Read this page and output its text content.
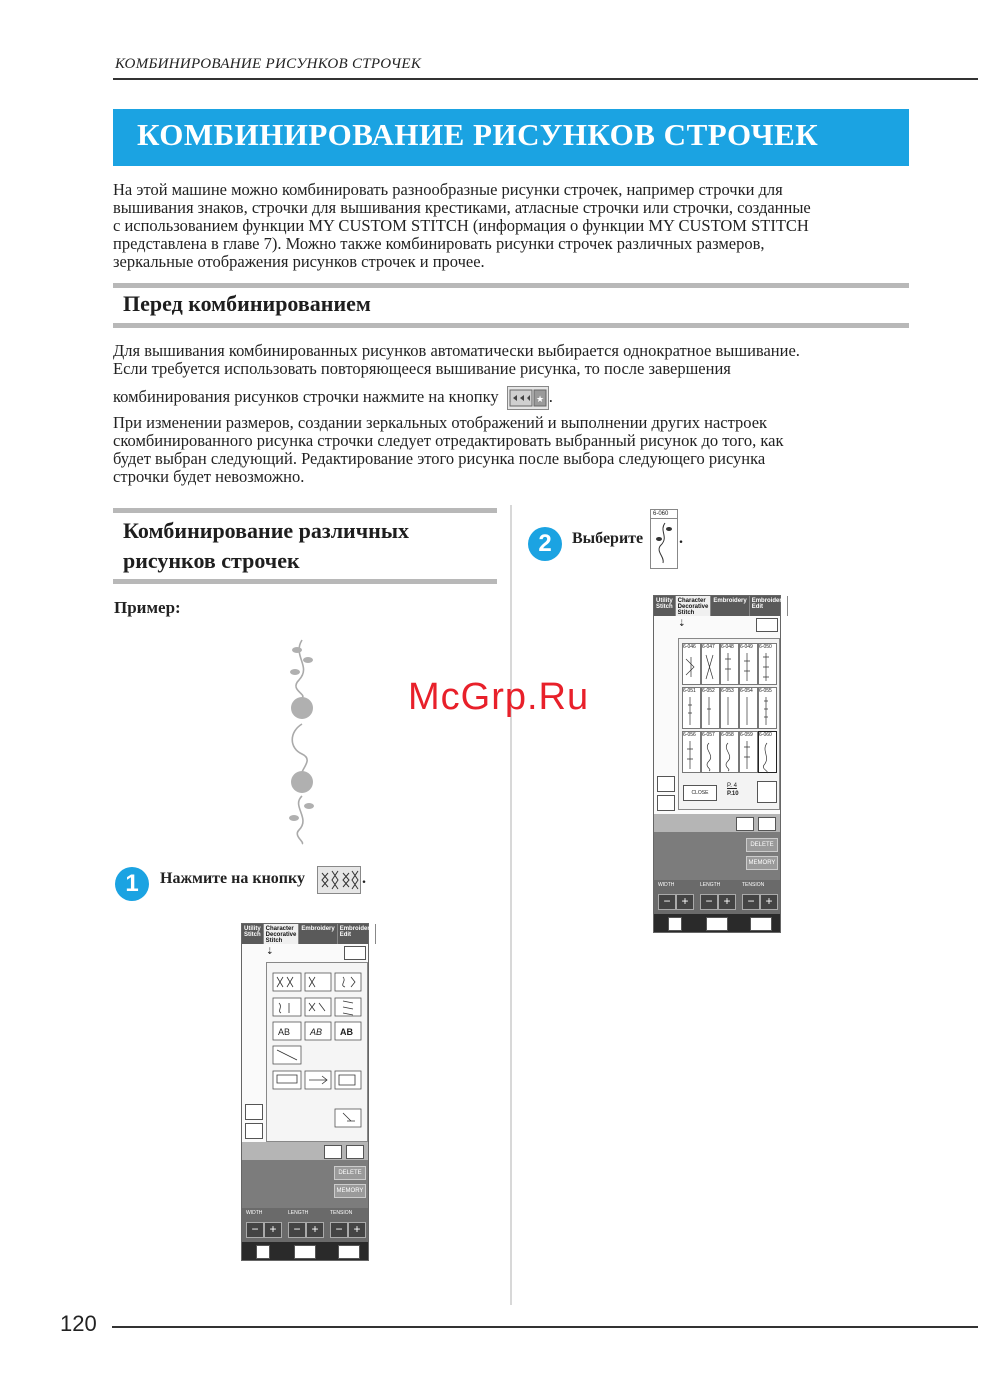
КОМБИНИРОВАНИЕ РИСУНКОВ СТРОЧЕК
КОМБИНИРОВАНИЕ РИСУНКОВ СТРОЧЕК
На этой машине можно комбинировать разнообразные рисунки строчек, например строчки для
вышивания знаков, строчки для вышивания крестиками, атласные строчки или строчки, созданные
с использованием функции MY CUSTOM STITCH (информация о функции MY CUSTOM STITCH
представлена в главе 7). Можно также комбинировать рисунки строчек различных размеров,
зеркальные отображения рисунков строчек и прочее.
Перед комбинированием
Для вышивания комбинированных рисунков автоматически выбирается однократное вышивание.
Если требуется использовать повторяющееся вышивание рисунка, то после завершения
комбинирования рисунков строчки нажмите на кнопку	★ .
При изменении размеров, создании зеркальных отображений и выполнении других настроек
скомбинированного рисунка строчки следует отредактировать выбранный рисунок до того, как
будет выбран следующий. Редактирование этого рисунка после выбора следующего рисунка
строчки будет невозможно.
Комбинирование различных
рисунков строчек
Пример:
1	Нажмите на кнопку	.
Utility Stitch
Character Decorative Stitch
Embroidery Embroidery Edit
⇣
AB AB AB
DELETE
MEMORY
WIDTH	LENGTH	TENSION
− +	− +	− +
2	Выберите
6-060
.
Utility Stitch
Character Decorative Stitch
Embroidery Embroidery Edit
⇣
6-046	6-047	6-048	6-049	6-050
6-051	6-052	6-053	6-054	6-055
6-056	6-057	6-058	6-059	6-060
CLOSE
P. 4
P.10
DELETE
MEMORY
WIDTH	LENGTH	TENSION
− +	− +	− +
McGrp.Ru
120
